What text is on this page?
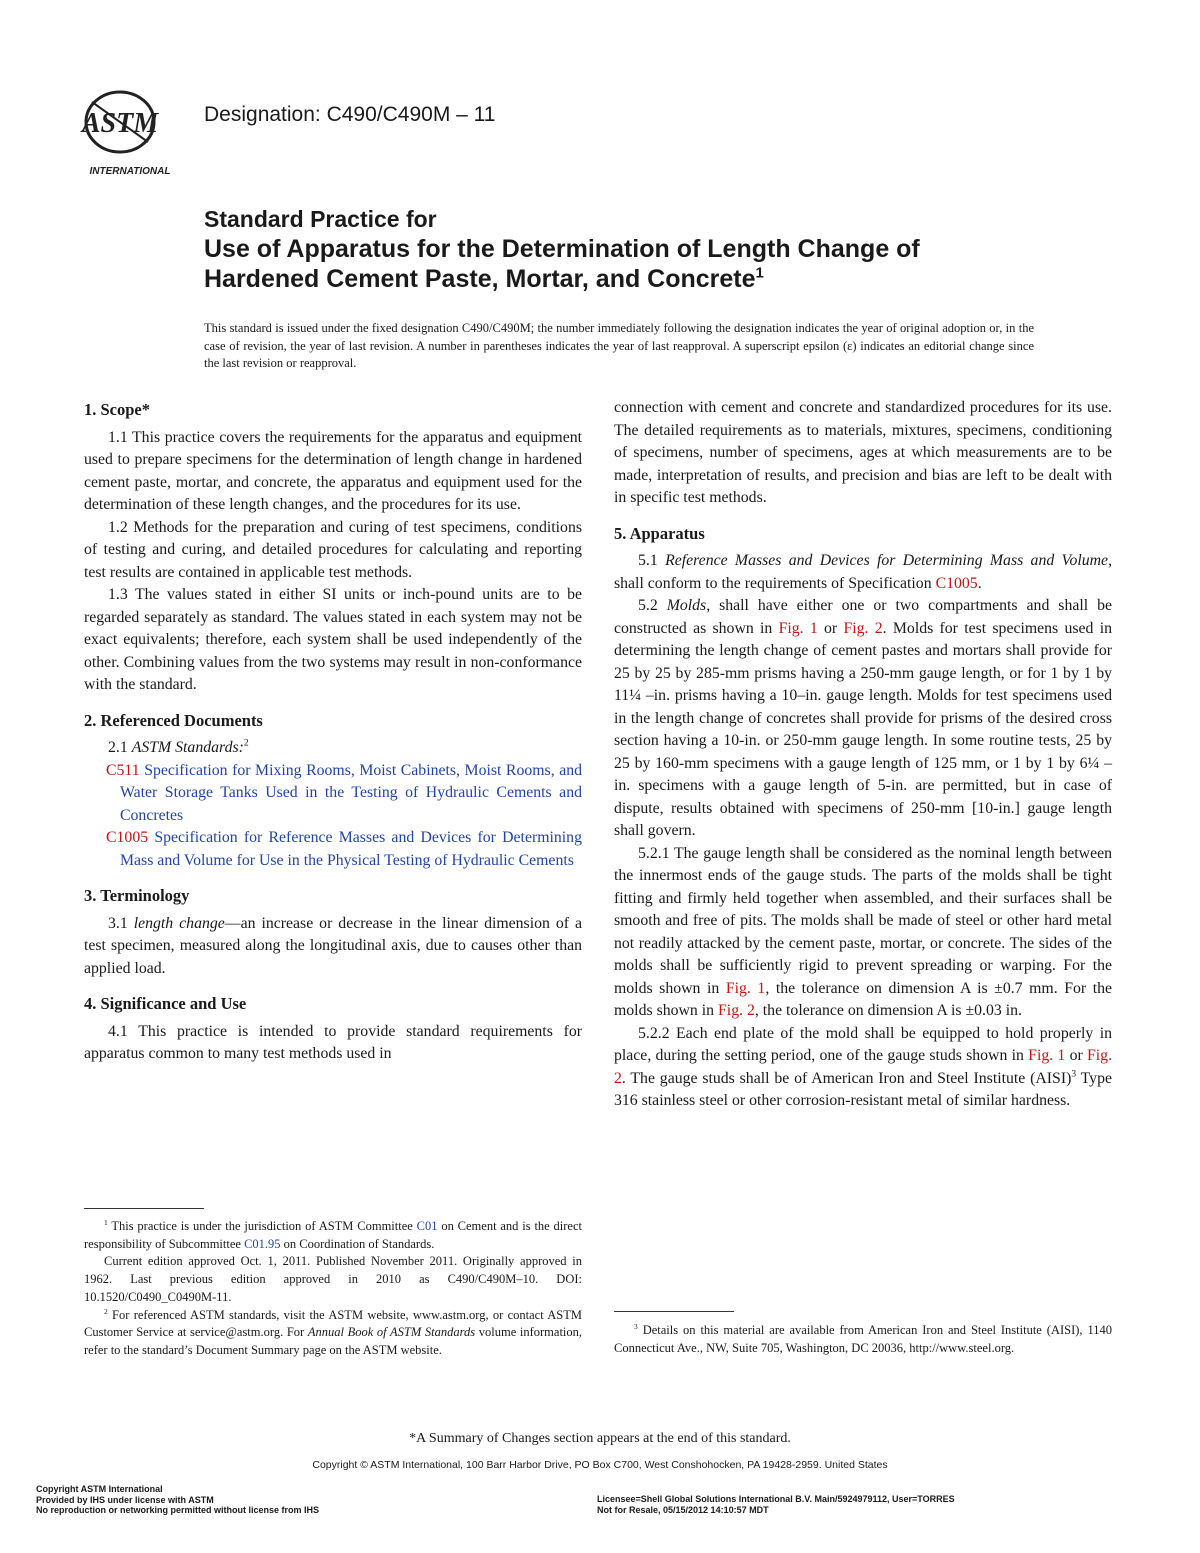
ASTM
INTERNATIONAL
Designation: C490/C490M – 11

Standard Practice for

Use of Apparatus for the Determination of Length Change of

Hardened Cement Paste, Mortar, and Concrete$^1$

This standard is issued under the fixed designation C490/C490M; the number immediately following the designation indicates the year of original adoption or, in the case of revision, the year of last revision. A number in parentheses indicates the year of last reapproval. A superscript epsilon (ε) indicates an editorial change since the last revision or reapproval.
1. Scope*

1.1 This practice covers the requirements for the apparatus and equipment used to prepare specimens for the determination of length change in hardened cement paste, mortar, and concrete, the apparatus and equipment used for the determination of these length changes, and the procedures for its use.

1.2 Methods for the preparation and curing of test specimens, conditions of testing and curing, and detailed procedures for calculating and reporting test results are contained in applicable test methods.

1.3 The values stated in either SI units or inch-pound units are to be regarded separately as standard. The values stated in each system may not be exact equivalents; therefore, each system shall be used independently of the other. Combining values from the two systems may result in non-conformance with the standard.

2. Referenced Documents

2.1 ASTM Standards:$^2$

C511 Specification for Mixing Rooms, Moist Cabinets, Moist Rooms, and Water Storage Tanks Used in the Testing of Hydraulic Cements and Concretes

C1005 Specification for Reference Masses and Devices for Determining Mass and Volume for Use in the Physical Testing of Hydraulic Cements

3. Terminology

3.1 length change—an increase or decrease in the linear dimension of a test specimen, measured along the longitudinal axis, due to causes other than applied load.

4. Significance and Use

4.1 This practice is intended to provide standard requirements for apparatus common to many test methods used in

connection with cement and concrete and standardized procedures for its use. The detailed requirements as to materials, mixtures, specimens, conditioning of specimens, number of specimens, ages at which measurements are to be made, interpretation of results, and precision and bias are left to be dealt with in specific test methods.

5. Apparatus

5.1 Reference Masses and Devices for Determining Mass and Volume, shall conform to the requirements of Specification C1005.

5.2 Molds, shall have either one or two compartments and shall be constructed as shown in Fig. 1 or Fig. 2. Molds for test specimens used in determining the length change of cement pastes and mortars shall provide for 25 by 25 by 285-mm prisms having a 250-mm gauge length, or for 1 by 1 by 11¼ –in. prisms having a 10–in. gauge length. Molds for test specimens used in the length change of concretes shall provide for prisms of the desired cross section having a 10-in. or 250-mm gauge length. In some routine tests, 25 by 25 by 160-mm specimens with a gauge length of 125 mm, or 1 by 1 by 6¼ –in. specimens with a gauge length of 5-in. are permitted, but in case of dispute, results obtained with specimens of 250-mm [10-in.] gauge length shall govern.

5.2.1 The gauge length shall be considered as the nominal length between the innermost ends of the gauge studs. The parts of the molds shall be tight fitting and firmly held together when assembled, and their surfaces shall be smooth and free of pits. The molds shall be made of steel or other hard metal not readily attacked by the cement paste, mortar, or concrete. The sides of the molds shall be sufficiently rigid to prevent spreading or warping. For the molds shown in Fig. 1, the tolerance on dimension A is ±0.7 mm. For the molds shown in Fig. 2, the tolerance on dimension A is ±0.03 in.

5.2.2 Each end plate of the mold shall be equipped to hold properly in place, during the setting period, one of the gauge studs shown in Fig. 1 or Fig. 2. The gauge studs shall be of American Iron and Steel Institute (AISI)$^3$ Type 316 stainless steel or other corrosion-resistant metal of similar hardness.

$^1$ This practice is under the jurisdiction of ASTM Committee C01 on Cement and is the direct responsibility of Subcommittee C01.95 on Coordination of Standards.

Current edition approved Oct. 1, 2011. Published November 2011. Originally approved in 1962. Last previous edition approved in 2010 as C490/C490M–10. DOI: 10.1520/C0490_C0490M-11.

$^2$ For referenced ASTM standards, visit the ASTM website, www.astm.org, or contact ASTM Customer Service at service@astm.org. For Annual Book of ASTM Standards volume information, refer to the standard’s Document Summary page on the ASTM website.

$^3$ Details on this material are available from American Iron and Steel Institute (AISI), 1140 Connecticut Ave., NW, Suite 705, Washington, DC 20036, http://www.steel.org.

*A Summary of Changes section appears at the end of this standard.
Copyright © ASTM International, 100 Barr Harbor Drive, PO Box C700, West Conshohocken, PA 19428-2959. United States
Copyright ASTM International
Provided by IHS under license with ASTM
No reproduction or networking permitted without license from IHS
Licensee=Shell Global Solutions International B.V. Main/5924979112, User=TORRES
Not for Resale, 05/15/2012 14:10:57 MDT
